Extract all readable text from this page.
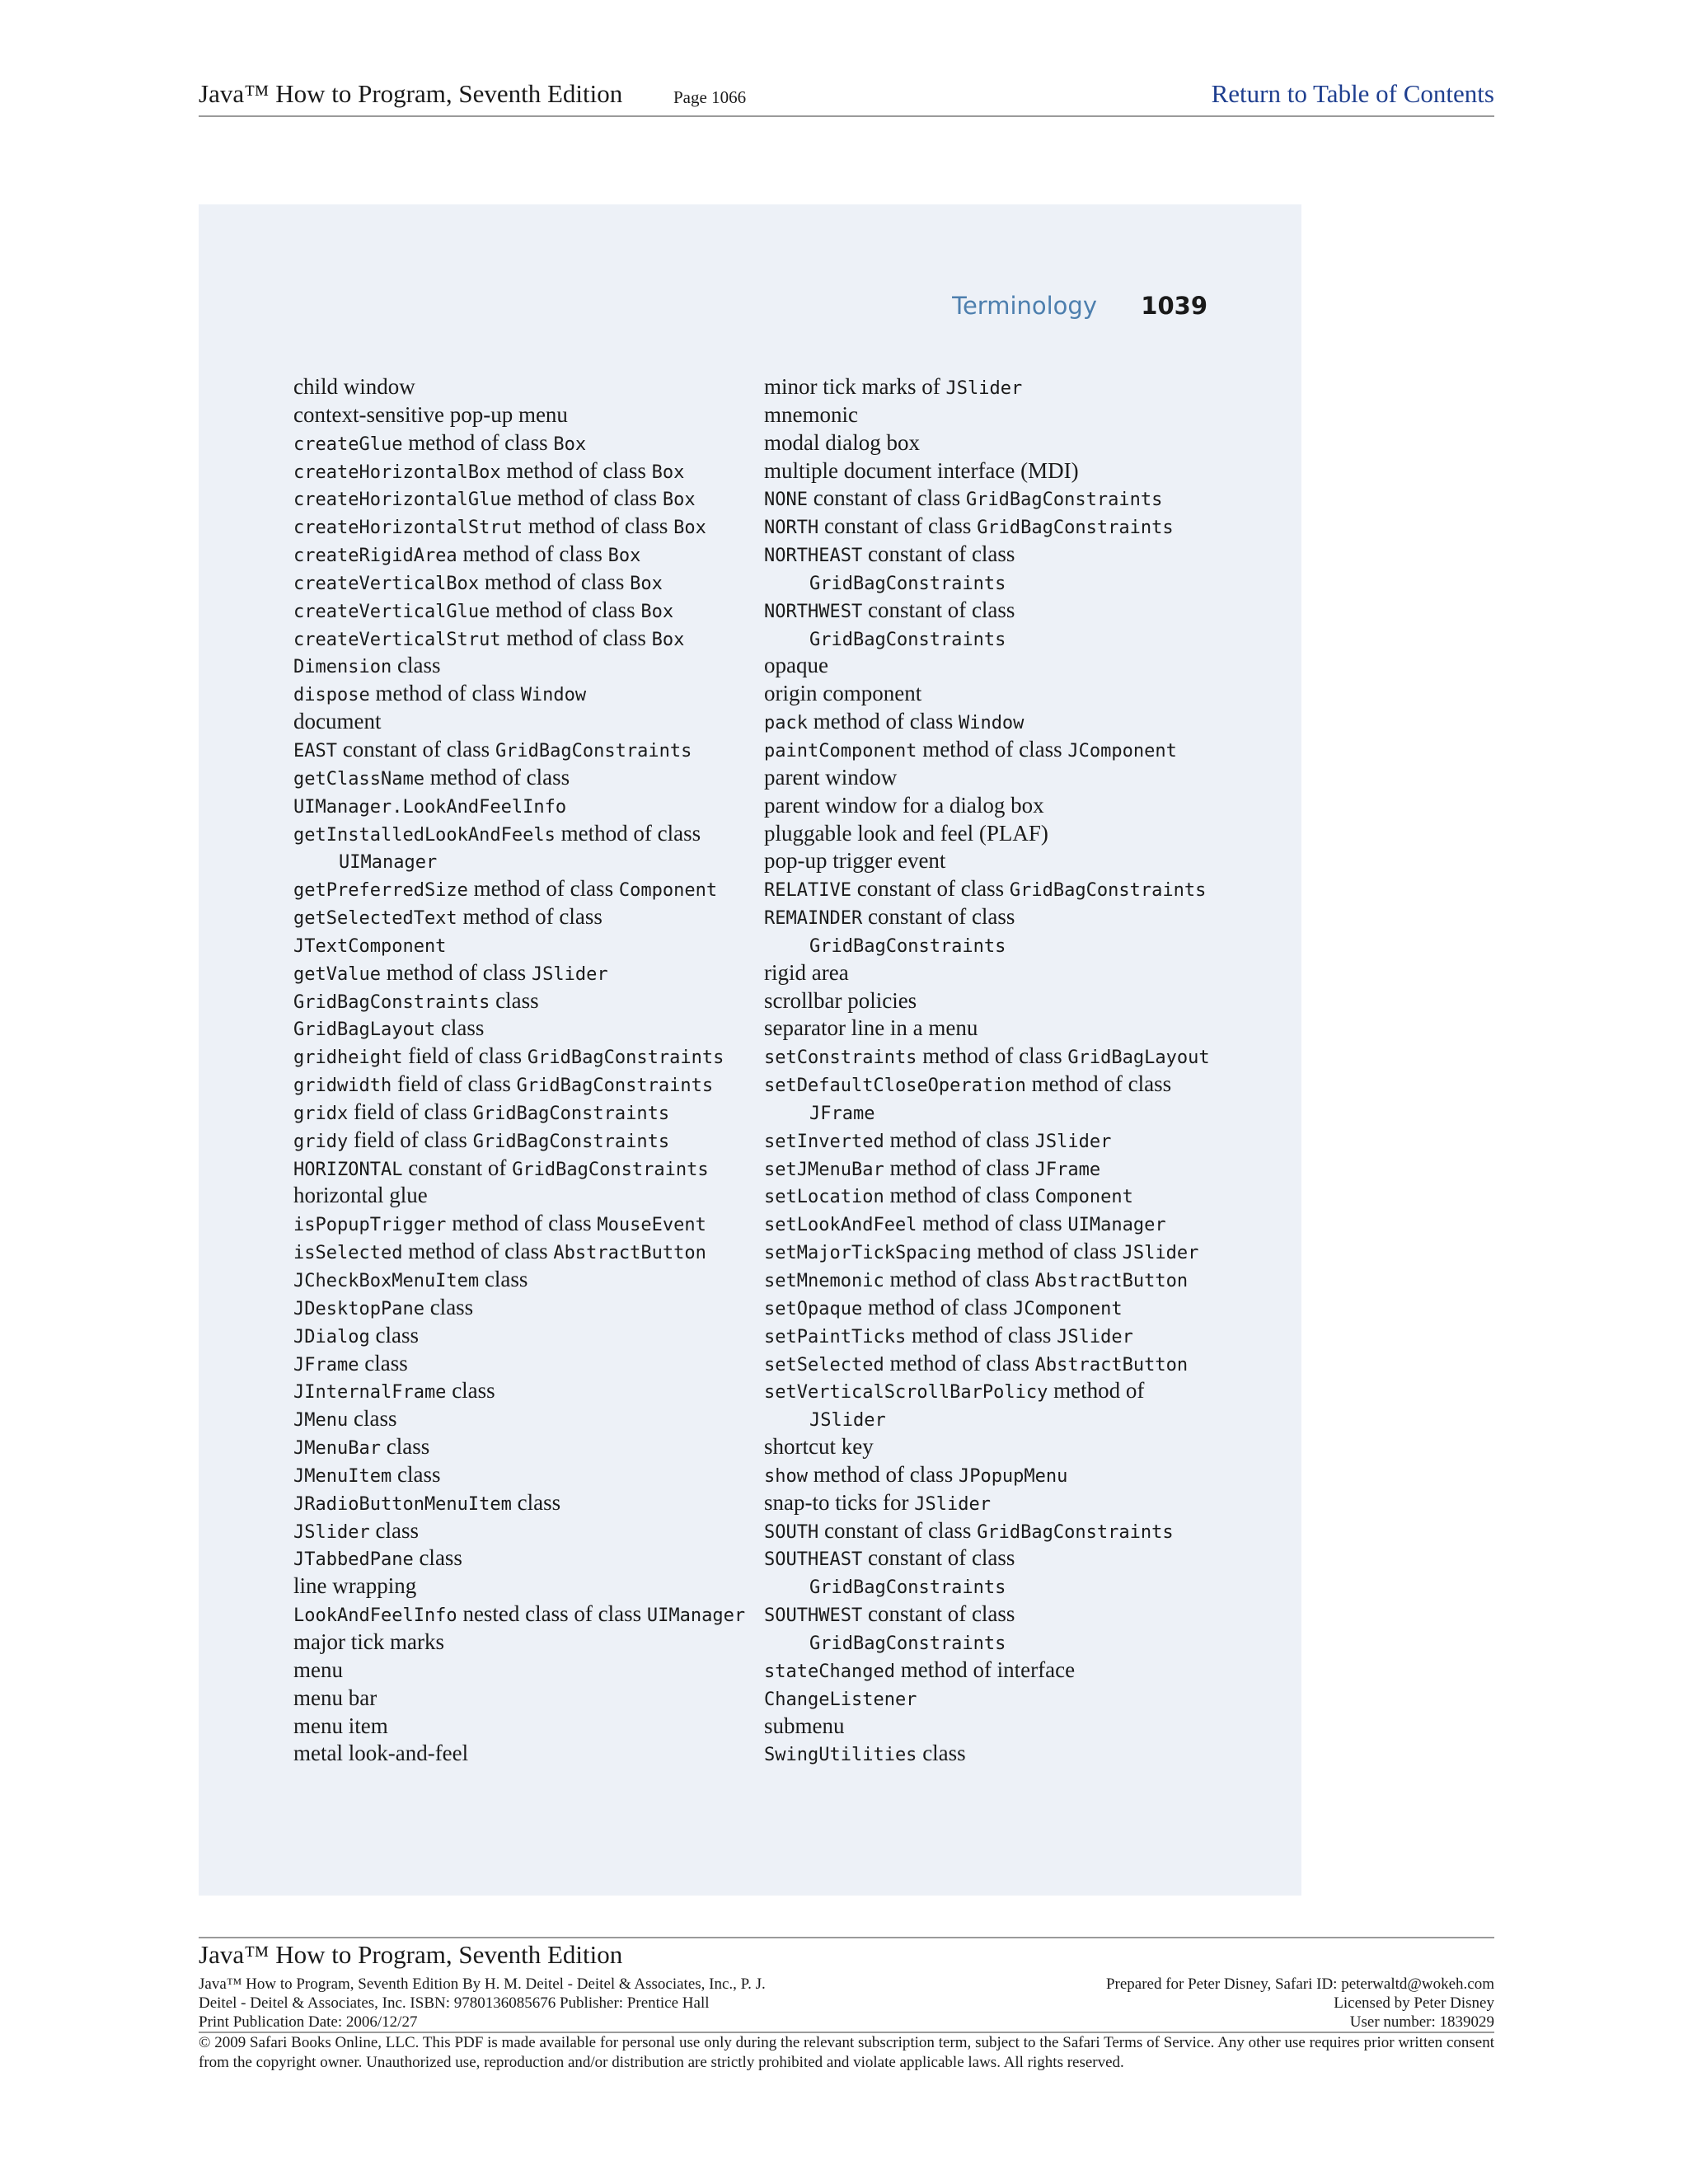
Java™ How to Program, Seventh Edition	Page 1066	Return to Table of Contents
Terminology 1039
child window
context-sensitive pop-up menu
createGlue method of class Box
createHorizontalBox method of class Box
createHorizontalGlue method of class Box
createHorizontalStrut method of class Box
createRigidArea method of class Box
createVerticalBox method of class Box
createVerticalGlue method of class Box
createVerticalStrut method of class Box
Dimension class
dispose method of class Window
document
EAST constant of class GridBagConstraints
getClassName method of class
UIManager.LookAndFeelInfo
getInstalledLookAndFeels method of class
UIManager
getPreferredSize method of class Component
getSelectedText method of class
JTextComponent
getValue method of class JSlider
GridBagConstraints class
GridBagLayout class
gridheight field of class GridBagConstraints
gridwidth field of class GridBagConstraints
gridx field of class GridBagConstraints
gridy field of class GridBagConstraints
HORIZONTAL constant of GridBagConstraints
horizontal glue
isPopupTrigger method of class MouseEvent
isSelected method of class AbstractButton
JCheckBoxMenuItem class
JDesktopPane class
JDialog class
JFrame class
JInternalFrame class
JMenu class
JMenuBar class
JMenuItem class
JRadioButtonMenuItem class
JSlider class
JTabbedPane class
line wrapping
LookAndFeelInfo nested class of class UIManager
major tick marks
menu
menu bar
menu item
metal look-and-feel
minor tick marks of JSlider
mnemonic
modal dialog box
multiple document interface (MDI)
NONE constant of class GridBagConstraints
NORTH constant of class GridBagConstraints
NORTHEAST constant of class
GridBagConstraints
NORTHWEST constant of class
GridBagConstraints
opaque
origin component
pack method of class Window
paintComponent method of class JComponent
parent window
parent window for a dialog box
pluggable look and feel (PLAF)
pop-up trigger event
RELATIVE constant of class GridBagConstraints
REMAINDER constant of class
GridBagConstraints
rigid area
scrollbar policies
separator line in a menu
setConstraints method of class GridBagLayout
setDefaultCloseOperation method of class
JFrame
setInverted method of class JSlider
setJMenuBar method of class JFrame
setLocation method of class Component
setLookAndFeel method of class UIManager
setMajorTickSpacing method of class JSlider
setMnemonic method of class AbstractButton
setOpaque method of class JComponent
setPaintTicks method of class JSlider
setSelected method of class AbstractButton
setVerticalScrollBarPolicy method of
JSlider
shortcut key
show method of class JPopupMenu
snap-to ticks for JSlider
SOUTH constant of class GridBagConstraints
SOUTHEAST constant of class
GridBagConstraints
SOUTHWEST constant of class
GridBagConstraints
stateChanged method of interface
ChangeListener
submenu
SwingUtilities class
Java™ How to Program, Seventh Edition
Java™ How to Program, Seventh Edition By H. M. Deitel - Deitel & Associates, Inc., P. J.
Deitel - Deitel & Associates, Inc. ISBN: 9780136085676 Publisher: Prentice Hall
Print Publication Date: 2006/12/27
Prepared for Peter Disney, Safari ID: peterwaltd@wokeh.com
Licensed by Peter Disney
User number: 1839029
© 2009 Safari Books Online, LLC. This PDF is made available for personal use only during the relevant subscription term, subject to the Safari Terms of Service. Any other use requires prior written consent from the copyright owner. Unauthorized use, reproduction and/or distribution are strictly prohibited and violate applicable laws. All rights reserved.
